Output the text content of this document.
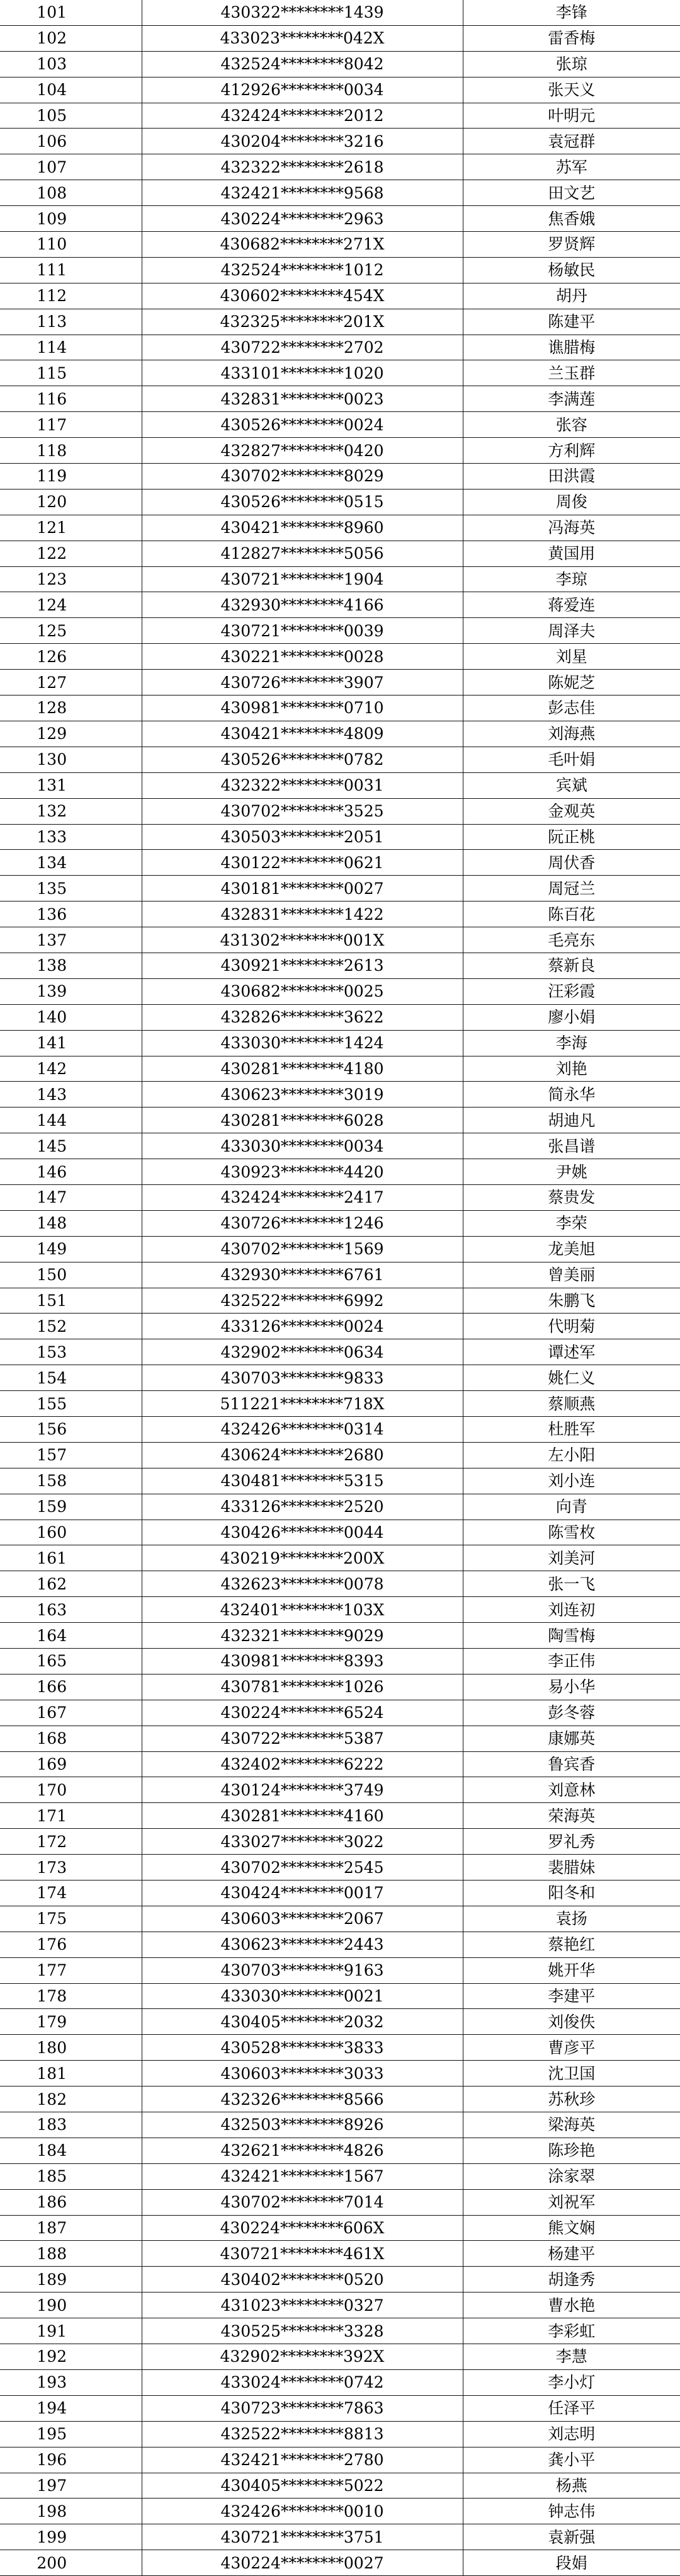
101	430322********1439	李锋
102	433023********042X	雷香梅
103	432524********8042	张琼
104	412926********0034	张天义
105	432424********2012	叶明元
106	430204********3216	袁冠群
107	432322********2618	苏军
108	432421********9568	田文艺
109	430224********2963	焦香娥
110	430682********271X	罗贤辉
111	432524********1012	杨敏民
112	430602********454X	胡丹
113	432325********201X	陈建平
114	430722********2702	谯腊梅
115	433101********1020	兰玉群
116	432831********0023	李满莲
117	430526********0024	张容
118	432827********0420	方利辉
119	430702********8029	田洪霞
120	430526********0515	周俊
121	430421********8960	冯海英
122	412827********5056	黄国用
123	430721********1904	李琼
124	432930********4166	蒋爱连
125	430721********0039	周泽夫
126	430221********0028	刘星
127	430726********3907	陈妮芝
128	430981********0710	彭志佳
129	430421********4809	刘海燕
130	430526********0782	毛叶娟
131	432322********0031	宾斌
132	430702********3525	金观英
133	430503********2051	阮正桃
134	430122********0621	周伏香
135	430181********0027	周冠兰
136	432831********1422	陈百花
137	431302********001X	毛亮东
138	430921********2613	蔡新良
139	430682********0025	汪彩霞
140	432826********3622	廖小娟
141	433030********1424	李海
142	430281********4180	刘艳
143	430623********3019	简永华
144	430281********6028	胡迪凡
145	433030********0034	张昌谱
146	430923********4420	尹姚
147	432424********2417	蔡贵发
148	430726********1246	李荣
149	430702********1569	龙美旭
150	432930********6761	曾美丽
151	432522********6992	朱鹏飞
152	433126********0024	代明菊
153	432902********0634	谭述军
154	430703********9833	姚仁义
155	511221********718X	蔡顺燕
156	432426********0314	杜胜军
157	430624********2680	左小阳
158	430481********5315	刘小连
159	433126********2520	向青
160	430426********0044	陈雪枚
161	430219********200X	刘美河
162	432623********0078	张一飞
163	432401********103X	刘连初
164	432321********9029	陶雪梅
165	430981********8393	李正伟
166	430781********1026	易小华
167	430224********6524	彭冬蓉
168	430722********5387	康娜英
169	432402********6222	鲁宾香
170	430124********3749	刘意林
171	430281********4160	荣海英
172	433027********3022	罗礼秀
173	430702********2545	裴腊妹
174	430424********0017	阳冬和
175	430603********2067	袁扬
176	430623********2443	蔡艳红
177	430703********9163	姚开华
178	433030********0021	李建平
179	430405********2032	刘俊佚
180	430528********3833	曹彦平
181	430603********3033	沈卫国
182	432326********8566	苏秋珍
183	432503********8926	梁海英
184	432621********4826	陈珍艳
185	432421********1567	涂家翠
186	430702********7014	刘祝军
187	430224********606X	熊文娴
188	430721********461X	杨建平
189	430402********0520	胡逢秀
190	431023********0327	曹水艳
191	430525********3328	李彩虹
192	432902********392X	李慧
193	433024********0742	李小灯
194	430723********7863	任泽平
195	432522********8813	刘志明
196	432421********2780	龚小平
197	430405********5022	杨燕
198	432426********0010	钟志伟
199	430721********3751	袁新强
200	430224********0027	段娟
